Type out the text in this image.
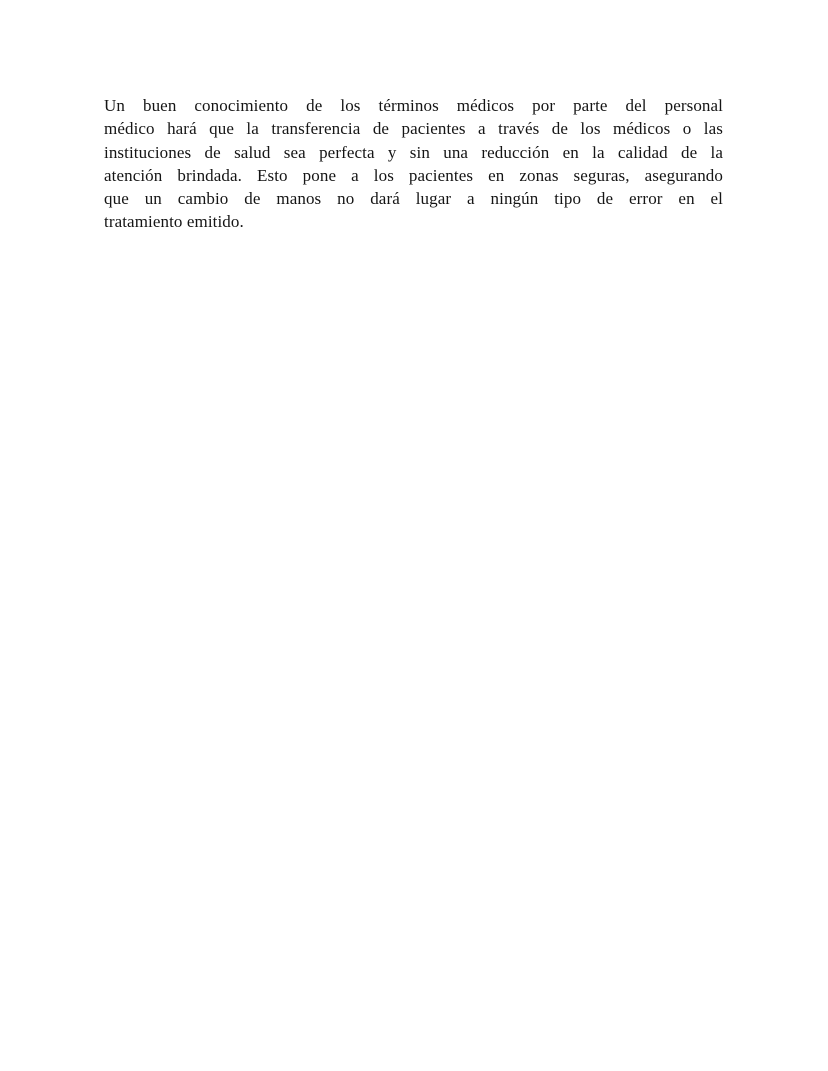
Un buen conocimiento de los términos médicos por parte del personal
médico hará que la transferencia de pacientes a través de los médicos o las
instituciones de salud sea perfecta y sin una reducción en la calidad de la
atención brindada. Esto pone a los pacientes en zonas seguras, asegurando
que un cambio de manos no dará lugar a ningún tipo de error en el
tratamiento emitido.
